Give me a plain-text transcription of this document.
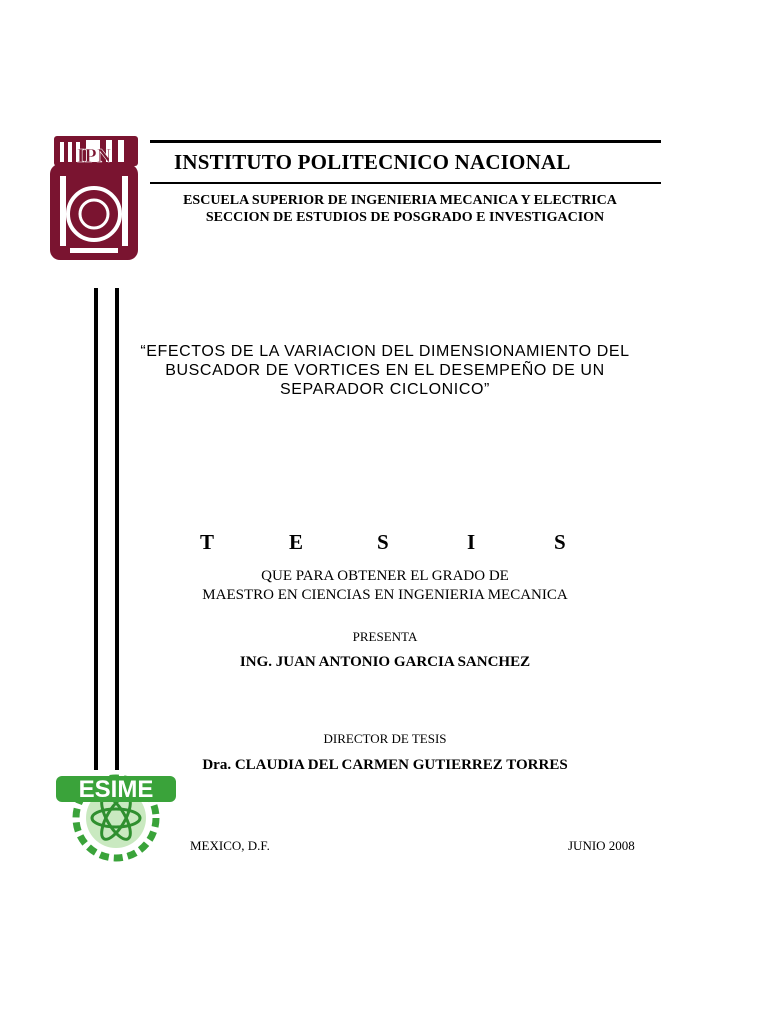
IPN
ESIME
INSTITUTO POLITECNICO NACIONAL
ESCUELA SUPERIOR DE INGENIERIA MECANICA Y ELECTRICA
SECCION DE ESTUDIOS DE POSGRADO E INVESTIGACION
“EFECTOS DE LA VARIACION DEL DIMENSIONAMIENTO DEL
BUSCADOR DE VORTICES EN EL DESEMPEÑO DE UN
SEPARADOR CICLONICO”
T	E	S	I	S
QUE PARA OBTENER EL GRADO DE
MAESTRO EN CIENCIAS EN INGENIERIA MECANICA
PRESENTA
ING. JUAN ANTONIO GARCIA SANCHEZ
DIRECTOR DE TESIS
Dra. CLAUDIA DEL CARMEN GUTIERREZ TORRES
MEXICO, D.F.	JUNIO 2008
